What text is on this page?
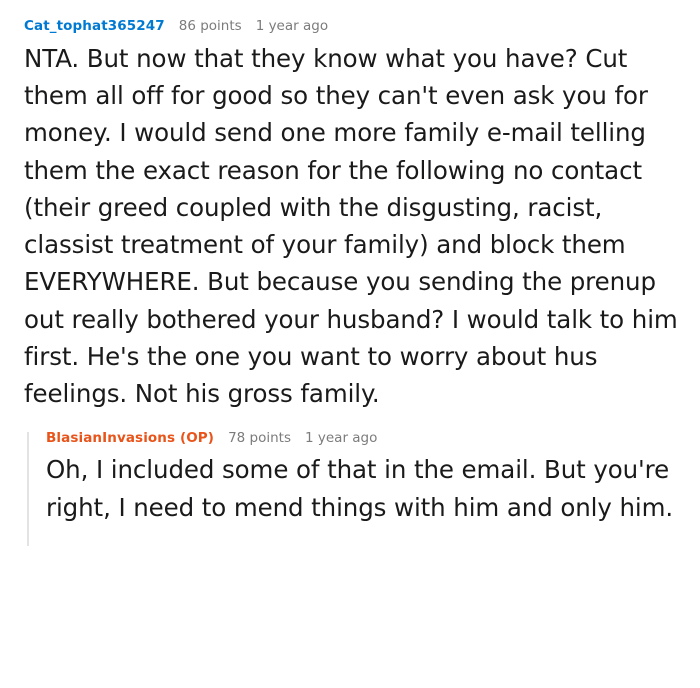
Cat_tophat365247 86 points 1 year ago
NTA. But now that they know what you have? Cut them all off for good so they can't even ask you for money. I would send one more family e-mail telling them the exact reason for the following no contact (their greed coupled with the disgusting, racist, classist treatment of your family) and block them EVERYWHERE. But because you sending the prenup out really bothered your husband? I would talk to him first. He's the one you want to worry about hus feelings. Not his gross family.
BlasianInvasions (OP) 78 points 1 year ago
Oh, I included some of that in the email. But you're right, I need to mend things with him and only him.
